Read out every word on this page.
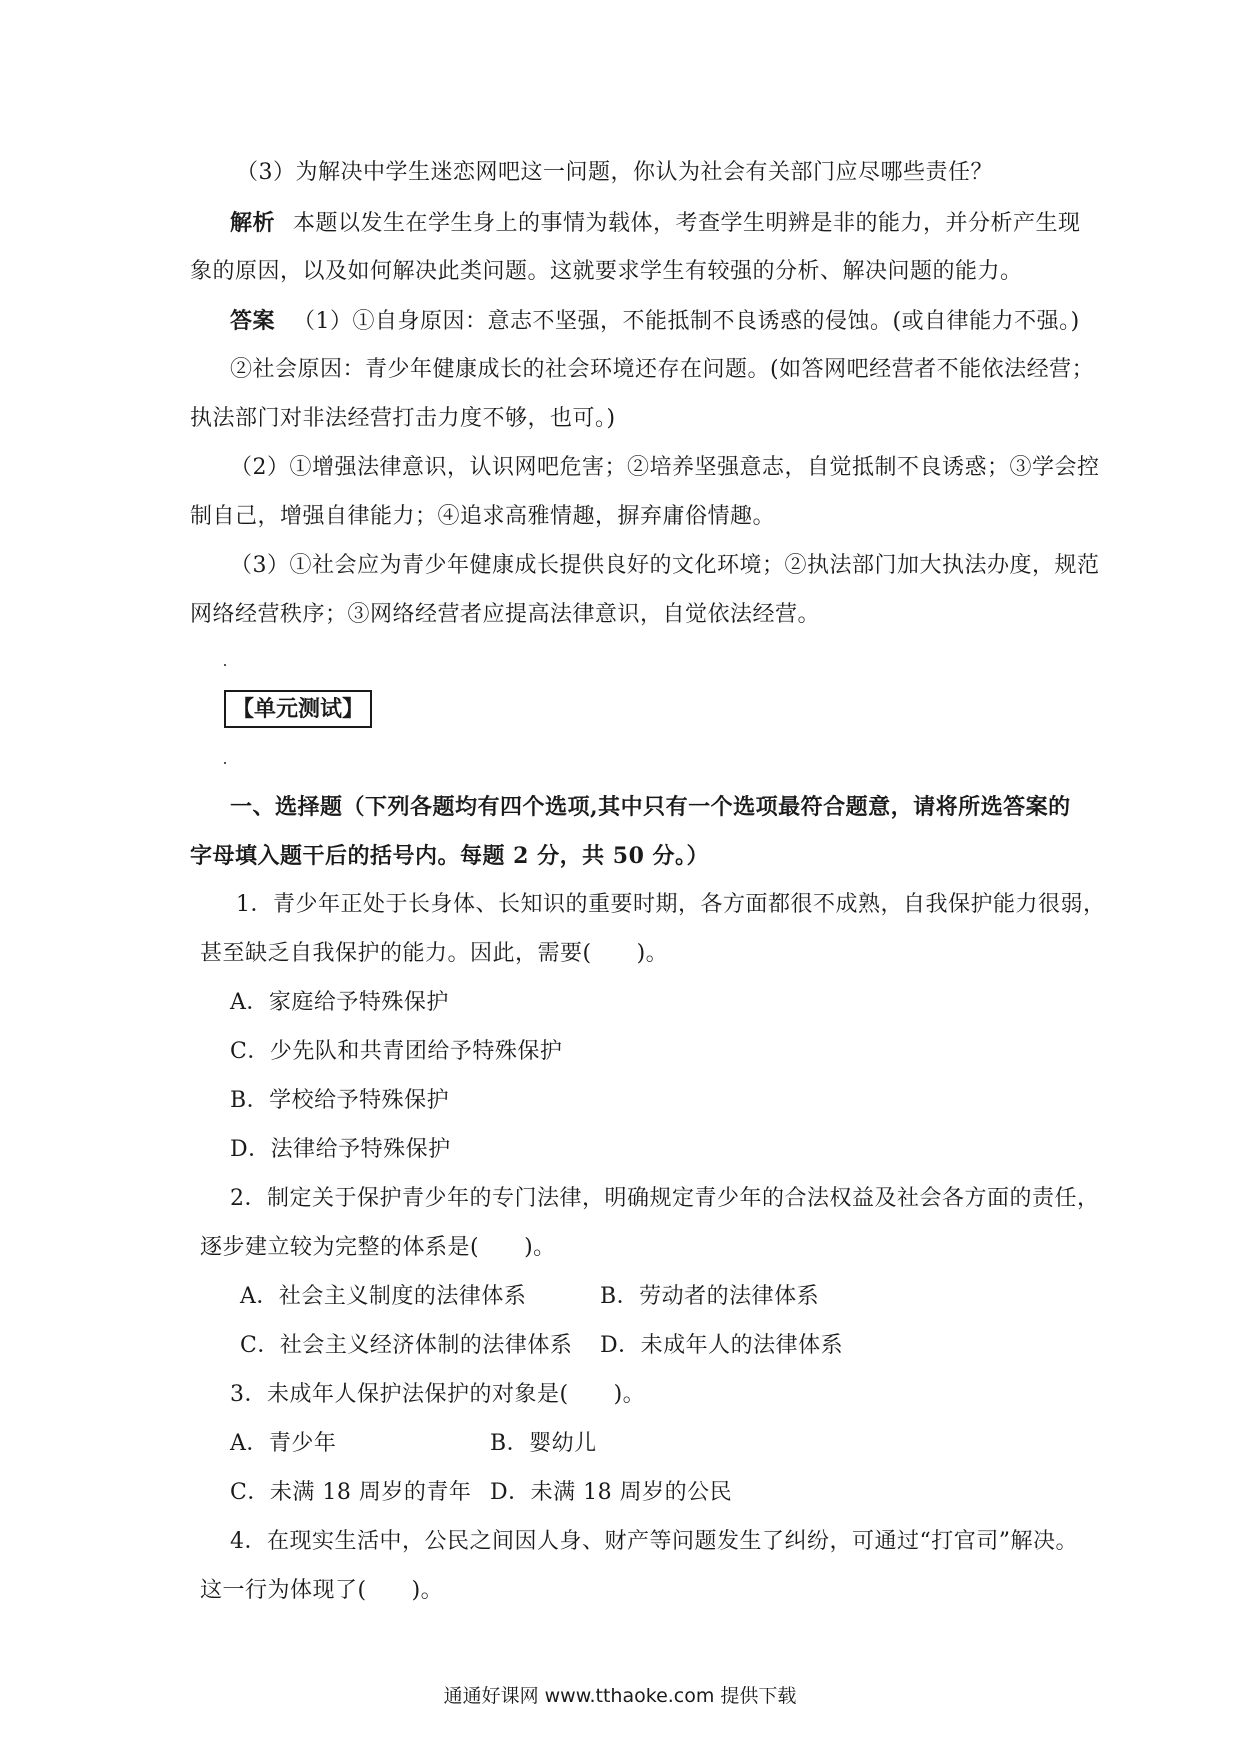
（3）为解决中学生迷恋网吧这一问题，你认为社会有关部门应尽哪些责任？
解析 本题以发生在学生身上的事情为载体，考查学生明辨是非的能力，并分析产生现
象的原因，以及如何解决此类问题。这就要求学生有较强的分析、解决问题的能力。
答案 （1）①自身原因：意志不坚强，不能抵制不良诱惑的侵蚀。(或自律能力不强。)
②社会原因：青少年健康成长的社会环境还存在问题。(如答网吧经营者不能依法经营；
执法部门对非法经营打击力度不够，也可。)
（2）①增强法律意识，认识网吧危害；②培养坚强意志，自觉抵制不良诱惑；③学会控
制自己，增强自律能力；④追求高雅情趣，摒弃庸俗情趣。
（3）①社会应为青少年健康成长提供良好的文化环境；②执法部门加大执法办度，规范
网络经营秩序；③网络经营者应提高法律意识，自觉依法经营。
【单元测试】
一、选择题（下列各题均有四个选项,其中只有一个选项最符合题意，请将所选答案的
字母填入题干后的括号内。每题 2 分，共 50 分。）
1．青少年正处于长身体、长知识的重要时期，各方面都很不成熟，自我保护能力很弱，
甚至缺乏自我保护的能力。因此，需要(　　)。
A．家庭给予特殊保护
C．少先队和共青团给予特殊保护
B．学校给予特殊保护
D．法律给予特殊保护
2．制定关于保护青少年的专门法律，明确规定青少年的合法权益及社会各方面的责任，
逐步建立较为完整的体系是(　　)。
A．社会主义制度的法律体系	B．劳动者的法律体系
C．社会主义经济体制的法律体系 D．未成年人的法律体系
3．未成年人保护法保护的对象是(　　)。
A．青少年	B．婴幼儿
C．未满 18 周岁的青年 D．未满 18 周岁的公民
4．在现实生活中，公民之间因人身、财产等问题发生了纠纷，可通过“打官司”解决。
这一行为体现了(　　)。
通通好课网 www.tthaoke.com 提供下载
